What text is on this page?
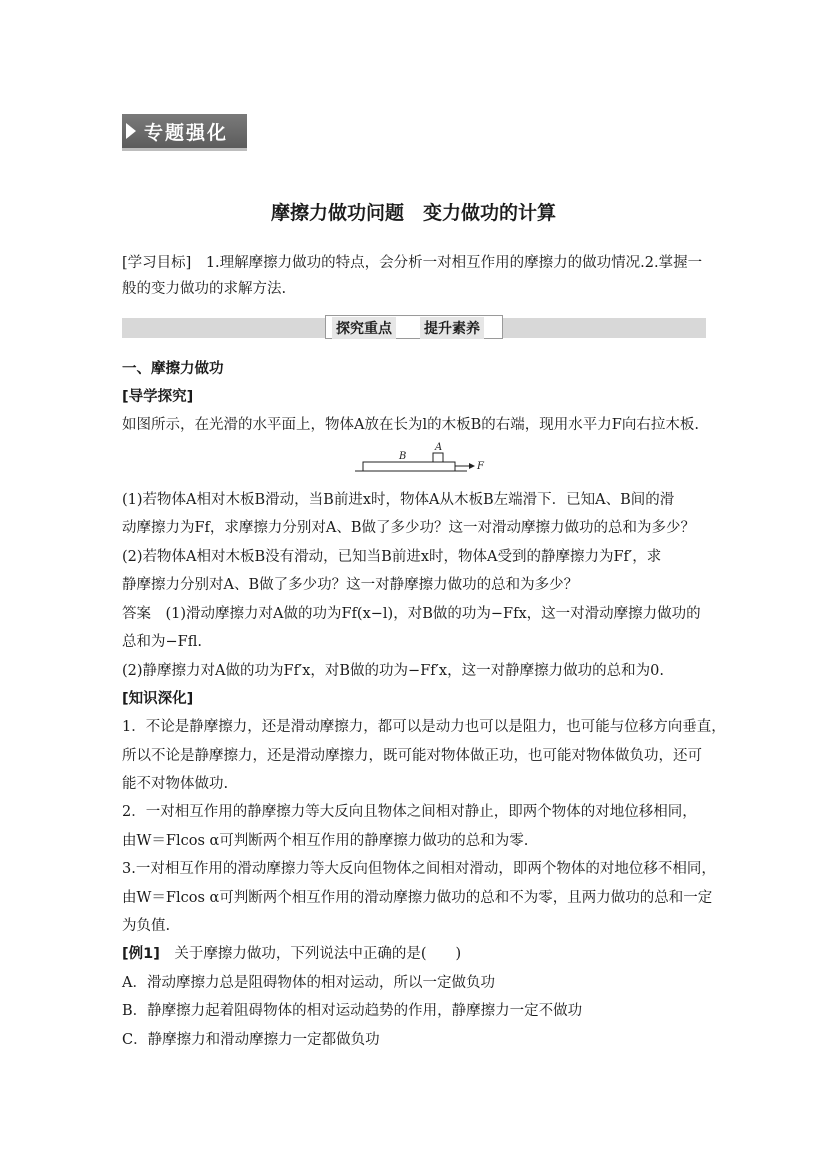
专题强化
摩擦力做功问题　变力做功的计算
[学习目标]　1.理解摩擦力做功的特点，会分析一对相互作用的摩擦力的做功情况.2.掌握一般的变力做功的求解方法.
探究重点 提升素养
一、摩擦力做功
[导学探究]
如图所示，在光滑的水平面上，物体A放在长为l的木板B的右端，现用水平力F向右拉木板.
A
B
F
(1)若物体A相对木板B滑动，当B前进x时，物体A从木板B左端滑下．已知A、B间的滑
动摩擦力为Ff，求摩擦力分别对A、B做了多少功？这一对滑动摩擦力做功的总和为多少？
(2)若物体A相对木板B没有滑动，已知当B前进x时，物体A受到的静摩擦力为Ff′，求
静摩擦力分别对A、B做了多少功？这一对静摩擦力做功的总和为多少？
答案　(1)滑动摩擦力对A做的功为Ff(x−l)，对B做的功为−Ffx，这一对滑动摩擦力做功的
总和为−Ffl.
(2)静摩擦力对A做的功为Ff′x，对B做的功为−Ff′x，这一对静摩擦力做功的总和为0.
[知识深化]
1．不论是静摩擦力，还是滑动摩擦力，都可以是动力也可以是阻力，也可能与位移方向垂直，
所以不论是静摩擦力，还是滑动摩擦力，既可能对物体做正功，也可能对物体做负功，还可
能不对物体做功.
2．一对相互作用的静摩擦力等大反向且物体之间相对静止，即两个物体的对地位移相同，
由W＝Flcos α可判断两个相互作用的静摩擦力做功的总和为零.
3.一对相互作用的滑动摩擦力等大反向但物体之间相对滑动，即两个物体的对地位移不相同，
由W＝Flcos α可判断两个相互作用的滑动摩擦力做功的总和不为零，且两力做功的总和一定
为负值.
[例1]　关于摩擦力做功，下列说法中正确的是(　　)
A．滑动摩擦力总是阻碍物体的相对运动，所以一定做负功
B．静摩擦力起着阻碍物体的相对运动趋势的作用，静摩擦力一定不做功
C．静摩擦力和滑动摩擦力一定都做负功
